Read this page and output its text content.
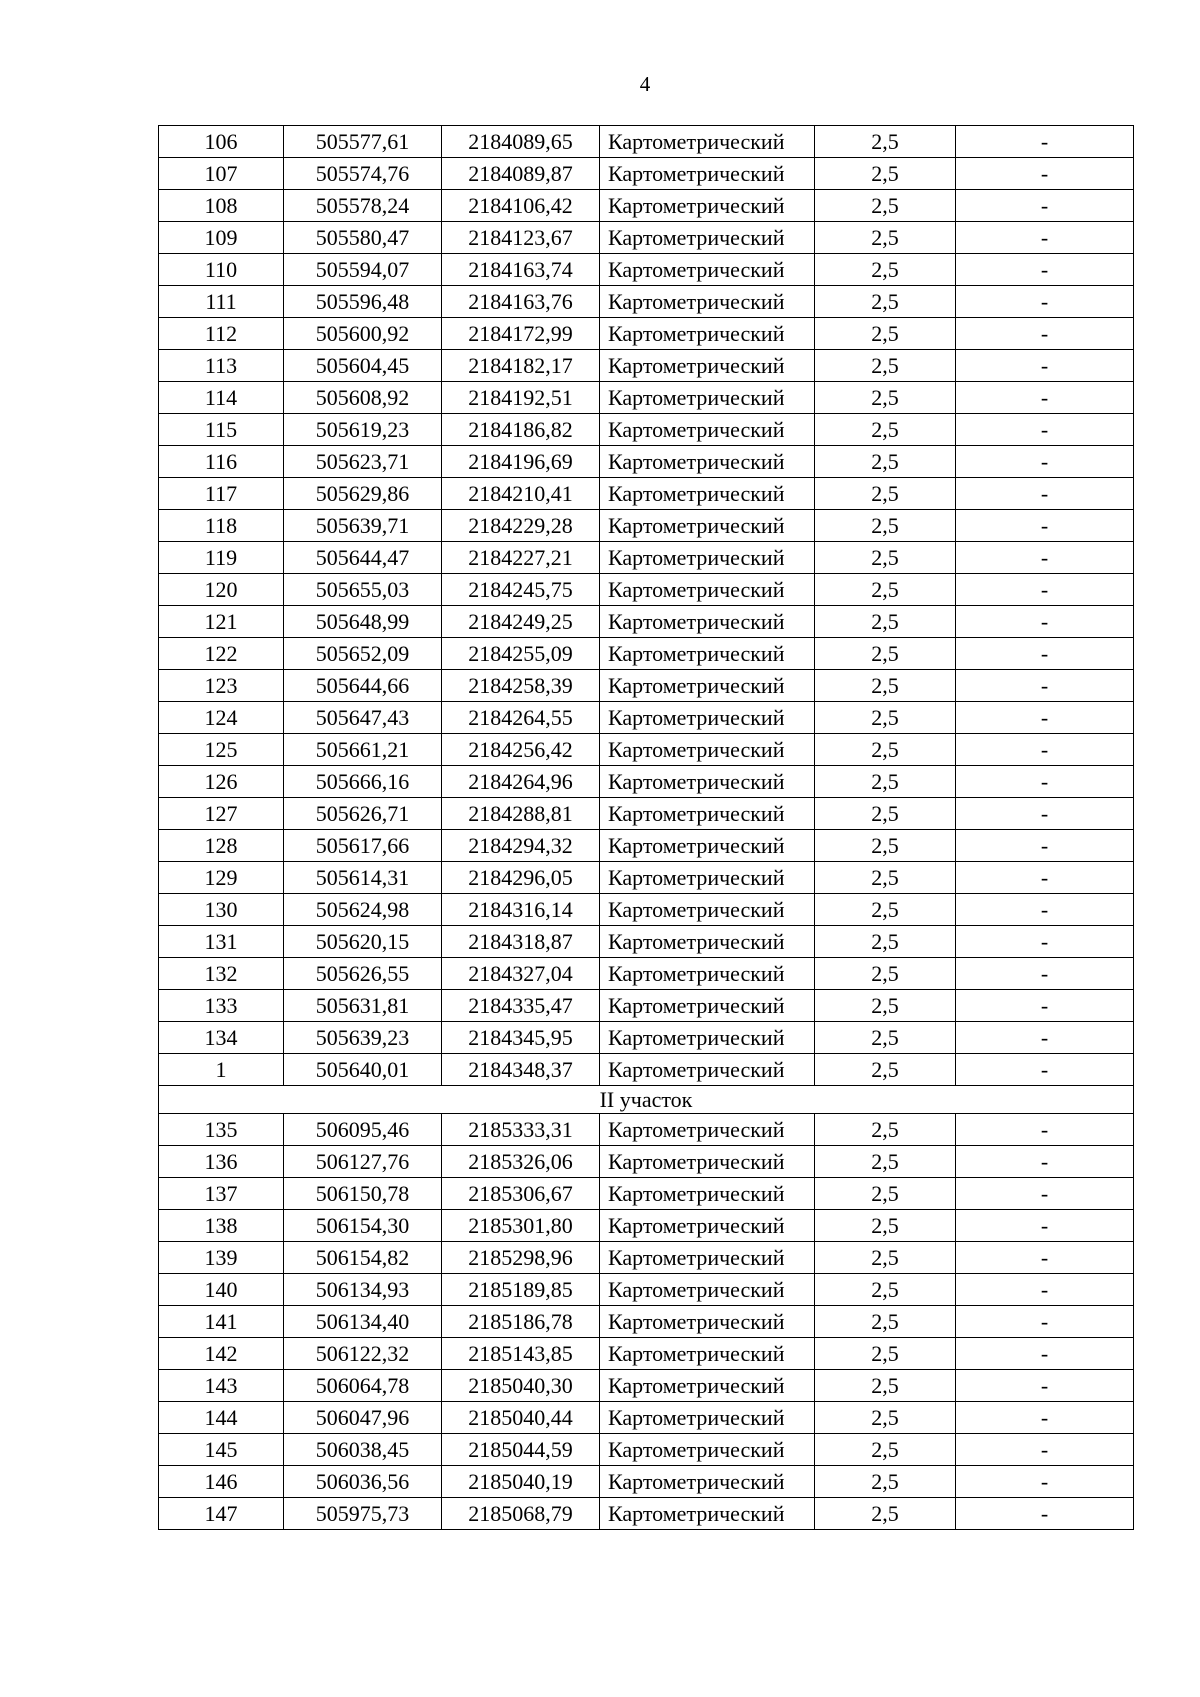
4
106	505577,61	2184089,65	Картометрический	2,5	-
107	505574,76	2184089,87	Картометрический	2,5	-
108	505578,24	2184106,42	Картометрический	2,5	-
109	505580,47	2184123,67	Картометрический	2,5	-
110	505594,07	2184163,74	Картометрический	2,5	-
111	505596,48	2184163,76	Картометрический	2,5	-
112	505600,92	2184172,99	Картометрический	2,5	-
113	505604,45	2184182,17	Картометрический	2,5	-
114	505608,92	2184192,51	Картометрический	2,5	-
115	505619,23	2184186,82	Картометрический	2,5	-
116	505623,71	2184196,69	Картометрический	2,5	-
117	505629,86	2184210,41	Картометрический	2,5	-
118	505639,71	2184229,28	Картометрический	2,5	-
119	505644,47	2184227,21	Картометрический	2,5	-
120	505655,03	2184245,75	Картометрический	2,5	-
121	505648,99	2184249,25	Картометрический	2,5	-
122	505652,09	2184255,09	Картометрический	2,5	-
123	505644,66	2184258,39	Картометрический	2,5	-
124	505647,43	2184264,55	Картометрический	2,5	-
125	505661,21	2184256,42	Картометрический	2,5	-
126	505666,16	2184264,96	Картометрический	2,5	-
127	505626,71	2184288,81	Картометрический	2,5	-
128	505617,66	2184294,32	Картометрический	2,5	-
129	505614,31	2184296,05	Картометрический	2,5	-
130	505624,98	2184316,14	Картометрический	2,5	-
131	505620,15	2184318,87	Картометрический	2,5	-
132	505626,55	2184327,04	Картометрический	2,5	-
133	505631,81	2184335,47	Картометрический	2,5	-
134	505639,23	2184345,95	Картометрический	2,5	-
1	505640,01	2184348,37	Картометрический	2,5	-
II участок					
135	506095,46	2185333,31	Картометрический	2,5	-
136	506127,76	2185326,06	Картометрический	2,5	-
137	506150,78	2185306,67	Картометрический	2,5	-
138	506154,30	2185301,80	Картометрический	2,5	-
139	506154,82	2185298,96	Картометрический	2,5	-
140	506134,93	2185189,85	Картометрический	2,5	-
141	506134,40	2185186,78	Картометрический	2,5	-
142	506122,32	2185143,85	Картометрический	2,5	-
143	506064,78	2185040,30	Картометрический	2,5	-
144	506047,96	2185040,44	Картометрический	2,5	-
145	506038,45	2185044,59	Картометрический	2,5	-
146	506036,56	2185040,19	Картометрический	2,5	-
147	505975,73	2185068,79	Картометрический	2,5	-
